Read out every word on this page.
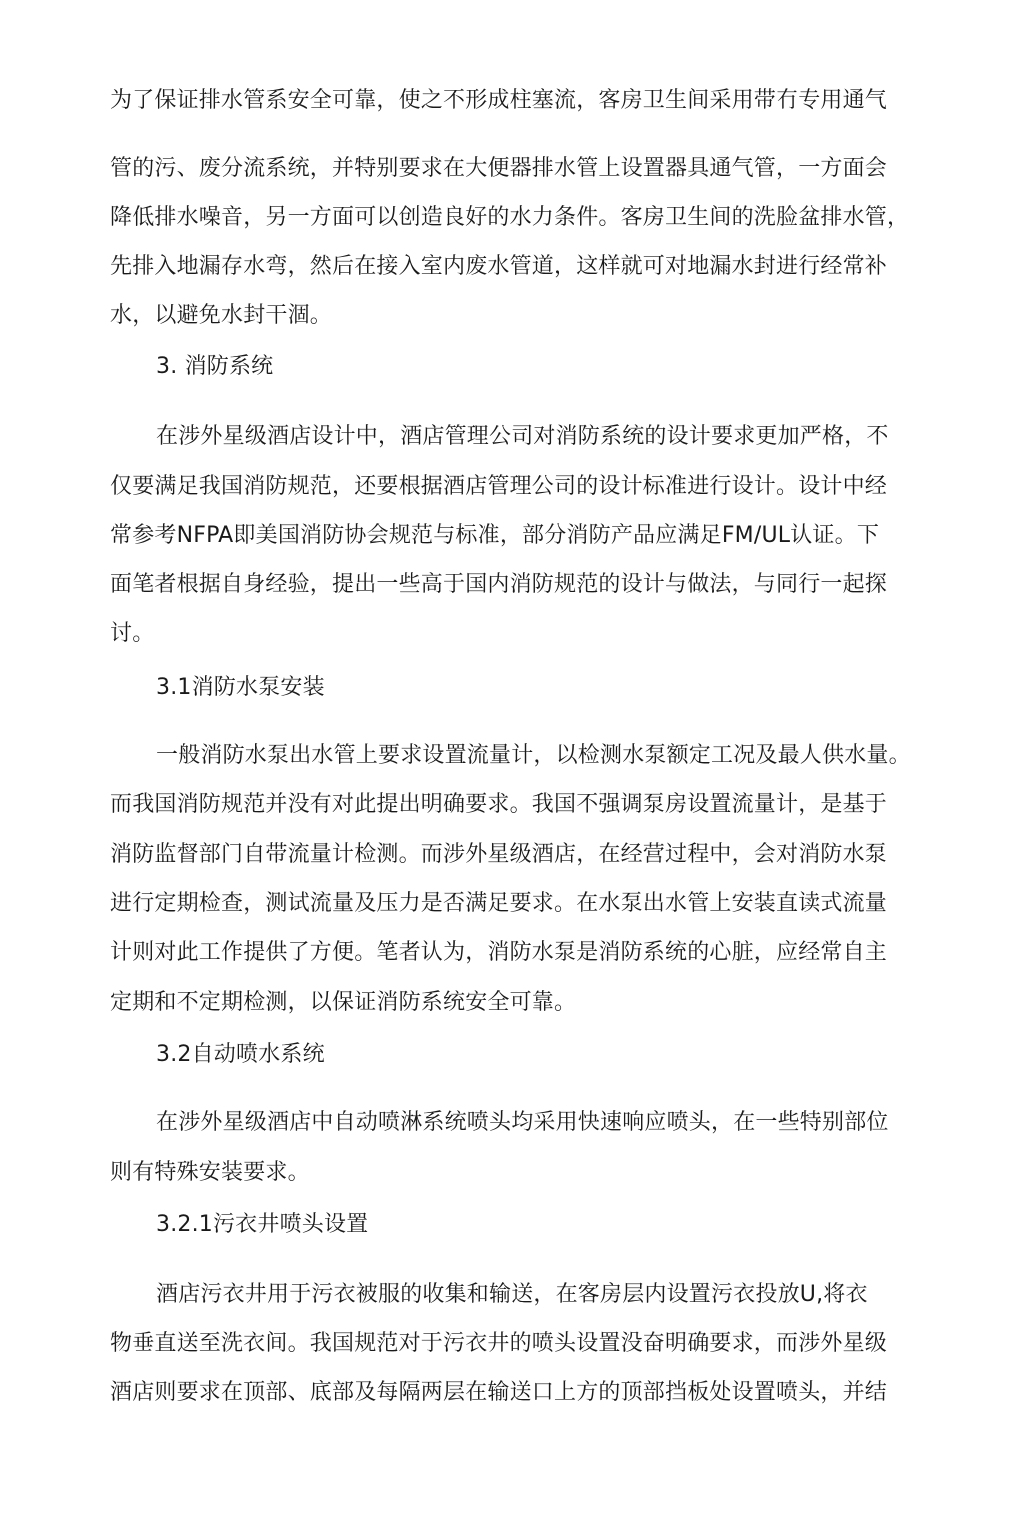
为了保证排水管系安全可靠，使之不形成柱塞流，客房卫生间采用带冇专用通气

管的污、废分流系统，并特别要求在大便器排水管上设置器具通气管，一方面会

降低排水噪音，另一方面可以创造良好的水力条件。客房卫生间的洗脸盆排水管，

先排入地漏存水弯，然后在接入室内废水管道，这样就可对地漏水封进行经常补

水，以避免水封干涸。

3. 消防系统

在涉外星级酒店设计中，酒店管理公司对消防系统的设计要求更加严格，不

仅要满足我国消防规范，还要根据酒店管理公司的设计标准进行设计。设计中经

常参考NFPA即美国消防协会规范与标准，部分消防产品应满足FM/UL认证。下

面笔者根据自身经验，提出一些高于国内消防规范的设计与做法，与同行一起探

讨。

3.1消防水泵安装

一般消防水泵出水管上要求设置流量计，以检测水泵额定工况及最人供水量。

而我国消防规范并没有对此提出明确要求。我国不强调泵房设置流量计，是基于

消防监督部门自带流量计检测。而涉外星级酒店，在经营过程中，会对消防水泵

进行定期检查，测试流量及压力是否满足要求。在水泵出水管上安装直读式流量

计则对此工作提供了方便。笔者认为，消防水泵是消防系统的心脏，应经常自主

定期和不定期检测，以保证消防系统安全可靠。

3.2自动喷水系统

在涉外星级酒店中自动喷淋系统喷头均采用快速响应喷头，在一些特别部位

则有特殊安装要求。

3.2.1污衣井喷头设置

酒店污衣井用于污衣被服的收集和输送，在客房层内设置污衣投放U,将衣

物垂直送至洗衣间。我国规范对于污衣井的喷头设置没奋明确要求，而涉外星级

酒店则要求在顶部、底部及每隔两层在输送口上方的顶部挡板处设置喷头，并结
